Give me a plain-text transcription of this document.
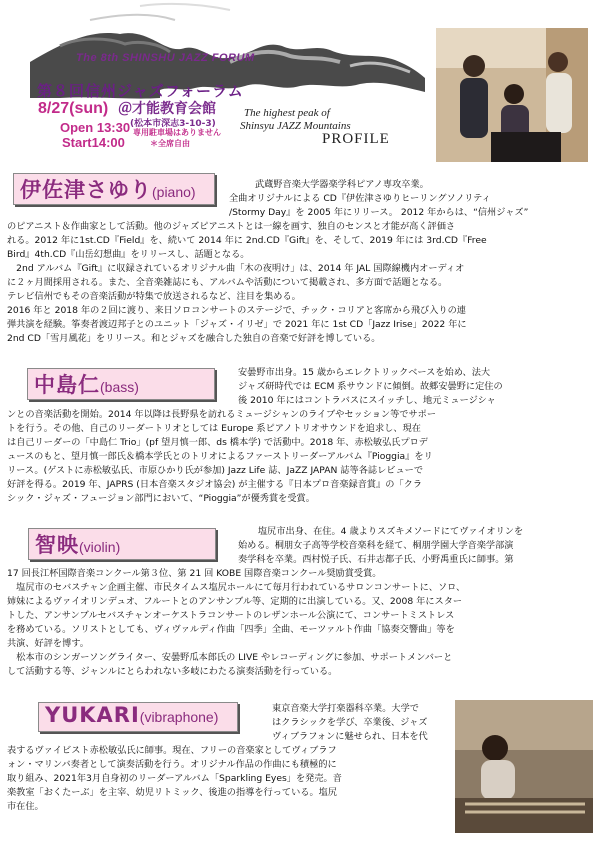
The 8th SHINSHU JAZZ FORUM
第８回信州ジャズフォーラム
8/27(sun)
Open 13:30
Start14:00
＠才能教育会館
(松本市深志3-10-3)
専用駐車場はありません
＊全席自由
The highest peak of
Shinsyu JAZZ Mountains
PROFILE
伊佐津さゆり (piano)	武蔵野音楽大学器楽学科ピアノ専攻卒業。
全曲オリジナルによる CD『伊佐津さゆりヒーリングソノリティ
/Stormy Day』を 2005 年にリリース。 2012 年からは、“信州ジャズ”
のピアニスト＆作曲家として活動。他のジャズピアニストとは一線を画す、独自のセンスと才能が高く評価さ
れる。2012 年に1st.CD『Field』を、続いて 2014 年に 2nd.CD『Gift』を、そして、2019 年には 3rd.CD『Free
Bird』4th.CD『山岳幻想曲』をリリースし、話題となる。
　2nd アルバム『Gift』に収録されているオリジナル曲「木の夜明け」は、2014 年 JAL 国際線機内オーディオ
に２ヶ月間採用される。また、全音楽雑誌にも、アルバムや活動について掲載され、多方面で話題となる。
テレビ信州でもその音楽活動が特集で放送されるなど、注目を集める。
2016 年と 2018 年の２回に渡り、来日ソロコンサートのステージで、チック・コリアと客席から飛び入りの連
弾共演を経験。筝奏者渡辺邦子とのユニット「ジャズ・イリゼ」で 2021 年に 1st CD「Jazz Irise」2022 年に
2nd CD「雪月風花」をリリース。和とジャズを融合した独自の音楽で好評を博している。
中島仁 (bass)
安曇野市出身。15 歳からエレクトリックベースを始め、法大
ジャズ研時代では ECM 系サウンドに傾倒。故郷安曇野に定住の
後 2010 年にはコントラバスにスイッチし、地元ミュージシャ
ンとの音楽活動を開始。2014 年以降は長野県を訪れるミュージシャンのライブやセッション等でサポー
トを行う。その他、自己のリーダートリオとしては Europe 系ピアノトリオサウンドを追求し、現在
は自己リーダーの「中島仁 Trio」(pf 望月慎一郎、ds 橋本学) で活動中。2018 年、赤松敏弘氏プロデ
ュースのもと、望月慎一郎氏＆橋本学氏とのトリオによるファーストリーダーアルバム『Pioggia』をリ
リース。(ゲストに赤松敏弘氏、市原ひかり氏が参加) Jazz Life 誌、JaZZ JAPAN 誌等各誌レビューで
好評を得る。2019 年、JAPRS (日本音楽スタジオ協会) が主催する『日本プロ音楽録音賞』の「クラ
シック・ジャズ・フュージョン部門において、“Pioggia”が優秀賞を受賞。
智映 (violin)
塩尻市出身、在住。4 歳よりスズキメソードにてヴァイオリンを
始める。桐朋女子高等学校音楽科を経て、桐朋学園大学音楽学部演
奏学科を卒業。西村悦子氏、石井志都子氏、小野禹重氏に師事。第
17 回長江杯国際音楽コンクール第３位、第 21 回 KOBE 国際音楽コンクール奨励賞受賞。
　塩尻市のセバスチャン企画主催、市民タイムス塩尻ホールにて毎月行われているサロンコンサートに、ソロ、
姉妹によるヴァイオリンデュオ、フルートとのアンサンブル等、定期的に出演している。又、2008 年にスター
トした、アンサンブルセバスチャンオーケストラコンサートのレザンホール公演にて、コンサートミストレス
を務めている。ソリストとしても、ヴィヴァルディ作曲「四季」全曲、モーツァルト作曲「協奏交響曲」等を
共演、好評を博す。
　松本市のシンガーソングライター、安曇野瓜本郎氏の LIVE やレコーディングに参加、サポートメンバーと
して活動する等、ジャンルにとらわれない多岐にわたる演奏活動を行っている。
YUKARI (vibraphone)
東京音楽大学打楽器科卒業。大学で
はクラシックを学び、卒業後、ジャズ
ヴィブラフォンに魅せられ、日本を代
表するヴァイビスト赤松敏弘氏に師事。現在、フリーの音楽家としてヴィブラフ
ォン・マリンバ奏者として演奏活動を行う。オリジナル作品の作曲にも積極的に
取り組み、2021年3月自身初のリーダーアルバム「Sparkling Eyes」を発売。音
楽教室「おくたーぶ」を主宰、幼児リトミック、後進の指導を行っている。塩尻
市在住。
